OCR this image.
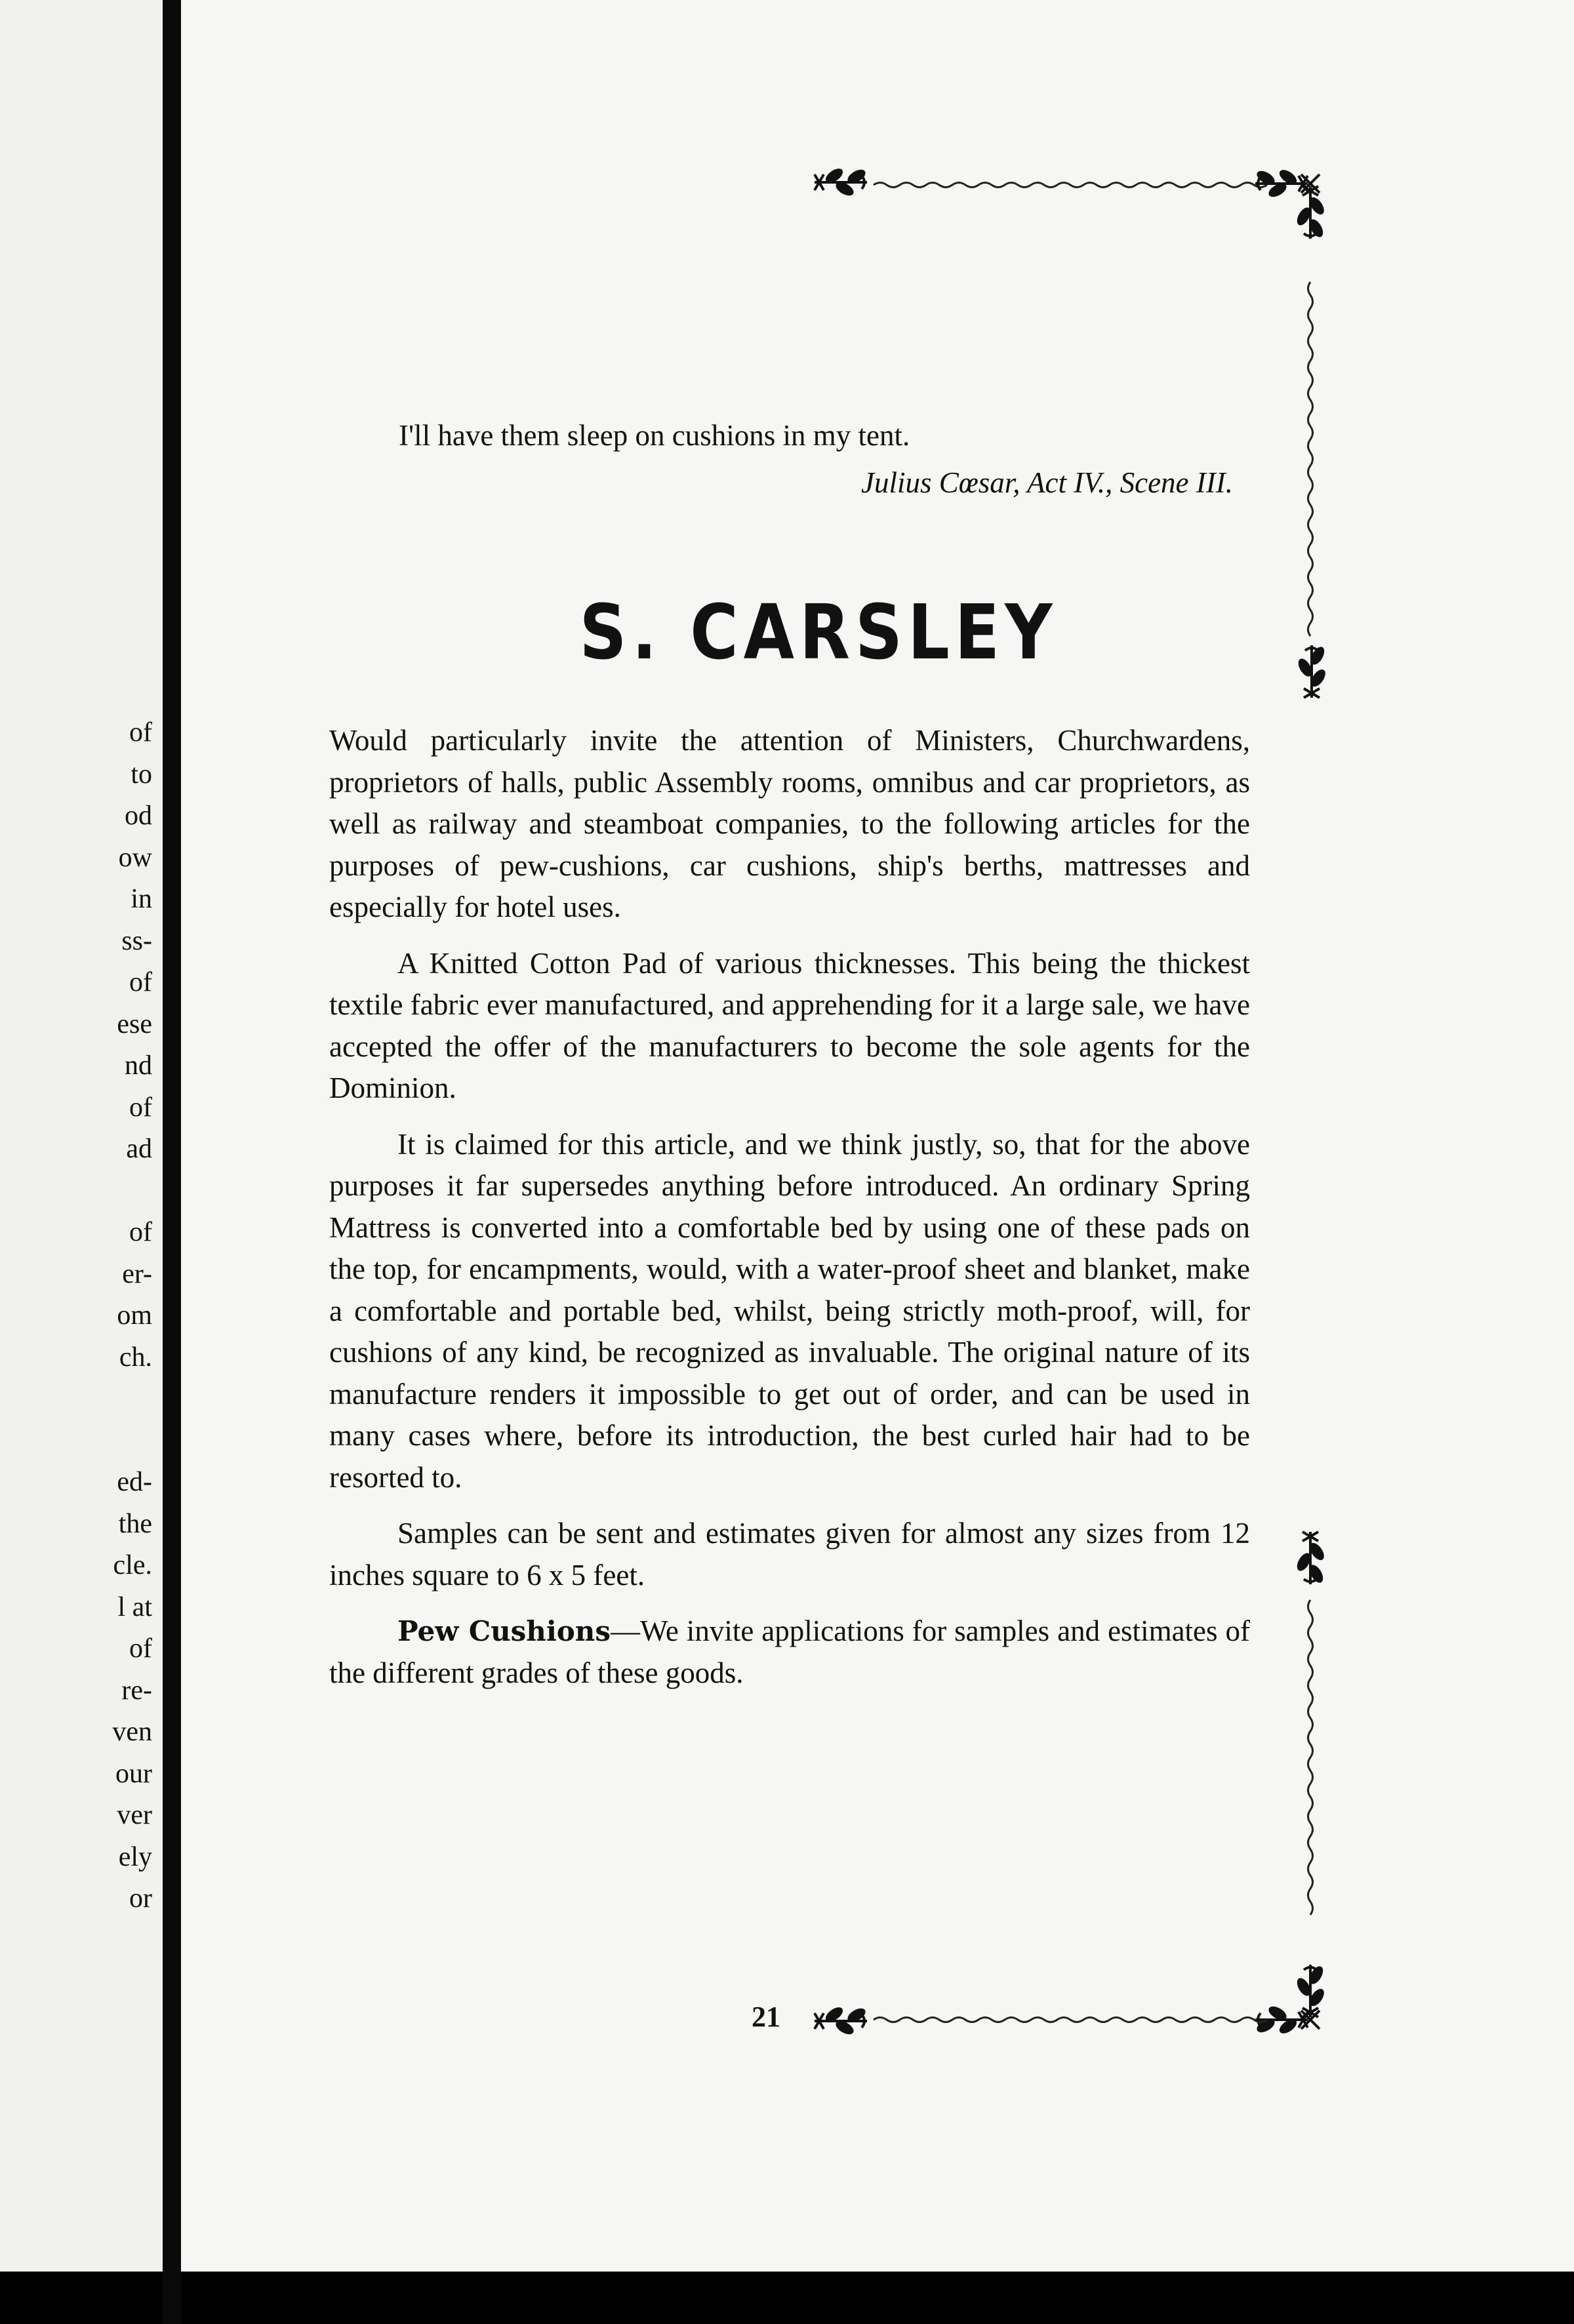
of
to
od
ow
in
ss-
of
ese
nd
of
ad
of
er-
om
ch.
ed-
the
cle.
l at
of
re-
ven
our
ver
ely
or
I'll have them sleep on cushions in my tent.
Julius Cœsar, Act IV., Scene III.
S. CARSLEY

Would particularly invite the attention of Ministers, Churchwardens, proprietors of halls, public Assembly rooms, omnibus and car proprietors, as well as railway and steamboat companies, to the following articles for the purposes of pew-cushions, car cushions, ship's berths, mattresses and especially for hotel uses.

A Knitted Cotton Pad of various thicknesses. This being the thickest textile fabric ever manufactured, and apprehending for it a large sale, we have accepted the offer of the manufacturers to become the sole agents for the Dominion.

It is claimed for this article, and we think justly, so, that for the above purposes it far supersedes anything before introduced. An ordinary Spring Mattress is converted into a comfortable bed by using one of these pads on the top, for encampments, would, with a water-proof sheet and blanket, make a comfortable and portable bed, whilst, being strictly moth-proof, will, for cushions of any kind, be recognized as invaluable. The original nature of its manufacture renders it impossible to get out of order, and can be used in many cases where, before its introduction, the best curled hair had to be resorted to.

Samples can be sent and estimates given for almost any sizes from 12 inches square to 6 x 5 feet.

Pew Cushions—We invite applications for samples and estimates of the different grades of these goods.

21
